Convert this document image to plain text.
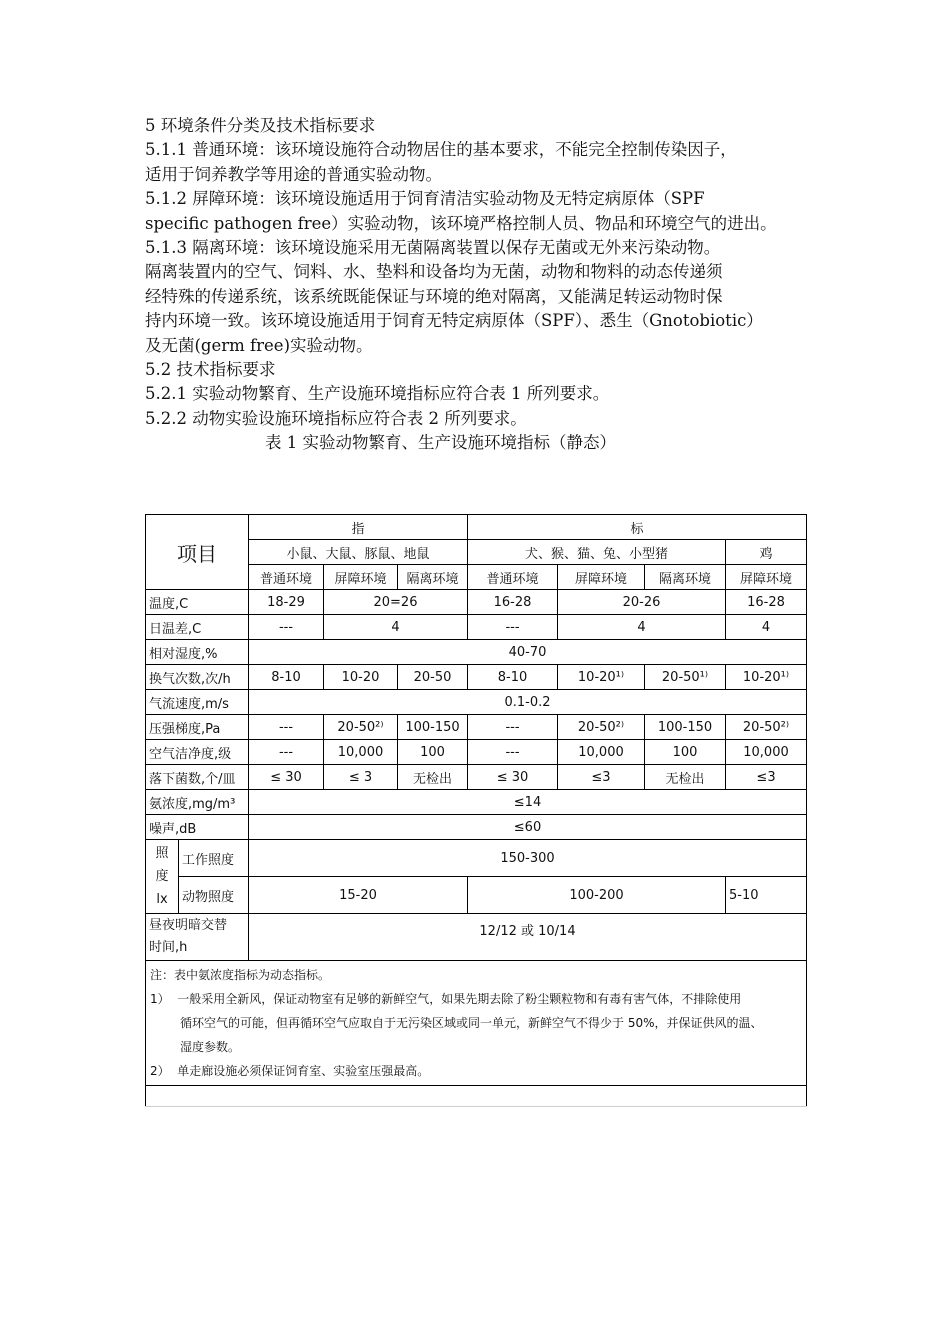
5 环境条件分类及技术指标要求

5.1.1 普通环境：该环境设施符合动物居住的基本要求，不能完全控制传染因子，

适用于饲养教学等用途的普通实验动物。

5.1.2 屏障环境：该环境设施适用于饲育清洁实验动物及无特定病原体（SPF

specific pathogen free）实验动物，该环境严格控制人员、物品和环境空气的进出。

5.1.3 隔离环境：该环境设施采用无菌隔离装置以保存无菌或无外来污染动物。

隔离装置内的空气、饲料、水、垫料和设备均为无菌，动物和物料的动态传递须

经特殊的传递系统，该系统既能保证与环境的绝对隔离，又能满足转运动物时保

持内环境一致。该环境设施适用于饲育无特定病原体（SPF）、悉生（Gnotobiotic）

及无菌(germ free)实验动物。

5.2 技术指标要求

5.2.1 实验动物繁育、生产设施环境指标应符合表 1 所列要求。

5.2.2 动物实验设施环境指标应符合表 2 所列要求。

表 1 实验动物繁育、生产设施环境指标（静态）

项目		指			标			
		小鼠、大鼠、豚鼠、地鼠			犬、猴、猫、兔、小型猪			鸡
		普通环境	屏障环境	隔离环境	普通环境	屏障环境	隔离环境	屏障环境
温度,C		18-29	20=26		16-28	20-26		16-28
日温差,C		---	4		---	4		4
相对湿度,%		40-70						
换气次数,次/h		8-10	10-20	20-50	8-10	10-20¹⁾	20-50¹⁾	10-20¹⁾
气流速度,m/s		0.1-0.2						
压强梯度,Pa		---	20-50²⁾	100-150	---	20-50²⁾	100-150	20-50²⁾
空气洁净度,级		---	10,000	100	---	10,000	100	10,000
落下菌数,个/皿		≤ 30	≤ 3	无检出	≤ 30	≤3	无检出	≤3
氨浓度,mg/m³		≤14						
噪声,dB		≤60						
照
度
lx	工作照度	150-300						
	动物照度	15-20			100-200			5-10
昼夜明暗交替
时间,h		12/12 或 10/14						

注：表中氨浓度指标为动态指标。
1） 一般采用全新风，保证动物室有足够的新鲜空气，如果先期去除了粉尘颗粒物和有毒有害气体，不排除使用
循环空气的可能，但再循环空气应取自于无污染区域或同一单元，新鲜空气不得少于 50%，并保证供风的温、
湿度参数。
2） 单走廊设施必须保证饲育室、实验室压强最高。								
